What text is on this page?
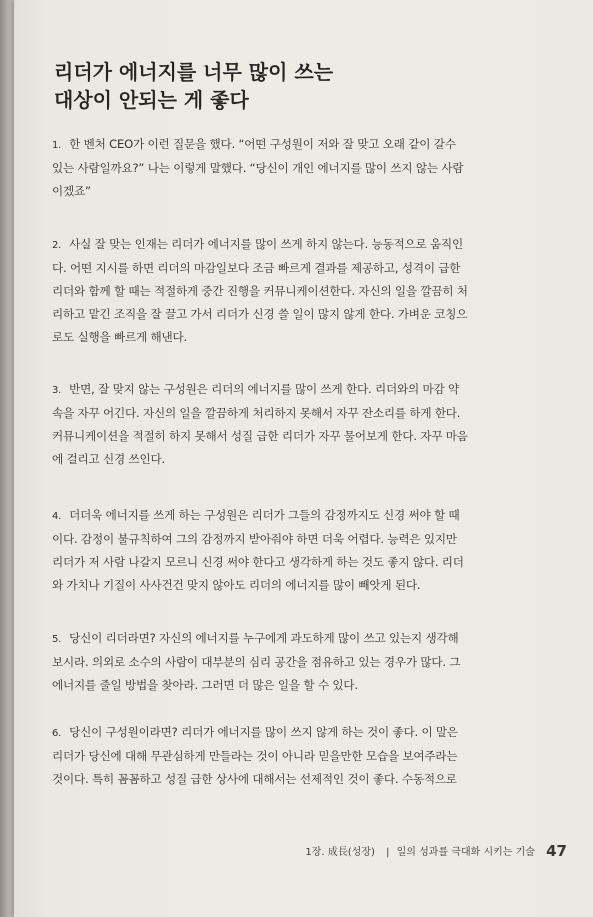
리더가 에너지를 너무 많이 쓰는
대상이 안되는 게 좋다

1. 한 벤처 CEO가 이런 질문을 했다. “어떤 구성원이 저와 잘 맞고 오래 같이 갈수
있는 사람일까요?” 나는 이렇게 말했다. “당신이 개인 에너지를 많이 쓰지 않는 사람
이겠죠”

2. 사실 잘 맞는 인재는 리더가 에너지를 많이 쓰게 하지 않는다. 능동적으로 움직인
다. 어떤 지시를 하면 리더의 마감일보다 조금 빠르게 결과를 제공하고, 성격이 급한
리더와 함께 할 때는 적절하게 중간 진행을 커뮤니케이션한다. 자신의 일을 깔끔히 처
리하고 맡긴 조직을 잘 끌고 가서 리더가 신경 쓸 일이 많지 않게 한다. 가벼운 코칭으
로도 실행을 빠르게 해낸다.

3. 반면, 잘 맞지 않는 구성원은 리더의 에너지를 많이 쓰게 한다. 리더와의 마감 약
속을 자꾸 어긴다. 자신의 일을 깔끔하게 처리하지 못해서 자꾸 잔소리를 하게 한다.
커뮤니케이션을 적절히 하지 못해서 성질 급한 리더가 자꾸 물어보게 한다. 자꾸 마음
에 걸리고 신경 쓰인다.

4. 더더욱 에너지를 쓰게 하는 구성원은 리더가 그들의 감정까지도 신경 써야 할 때
이다. 감정이 불규칙하여 그의 감정까지 받아줘야 하면 더욱 어렵다. 능력은 있지만
리더가 저 사람 나갈지 모르니 신경 써야 한다고 생각하게 하는 것도 좋지 않다. 리더
와 가치나 기질이 사사건건 맞지 않아도 리더의 에너지를 많이 빼앗게 된다.

5. 당신이 리더라면? 자신의 에너지를 누구에게 과도하게 많이 쓰고 있는지 생각해
보시라. 의외로 소수의 사람이 대부분의 심리 공간을 점유하고 있는 경우가 많다. 그
에너지를 줄일 방법을 찾아라. 그러면 더 많은 일을 할 수 있다.

6. 당신이 구성원이라면? 리더가 에너지를 많이 쓰지 않게 하는 것이 좋다. 이 말은
리더가 당신에 대해 무관심하게 만들라는 것이 아니라 믿을만한 모습을 보여주라는
것이다. 특히 꼼꼼하고 성질 급한 상사에 대해서는 선제적인 것이 좋다. 수동적으로

1장. 成長(성장) | 일의 성과를 극대화 시키는 기술 47
